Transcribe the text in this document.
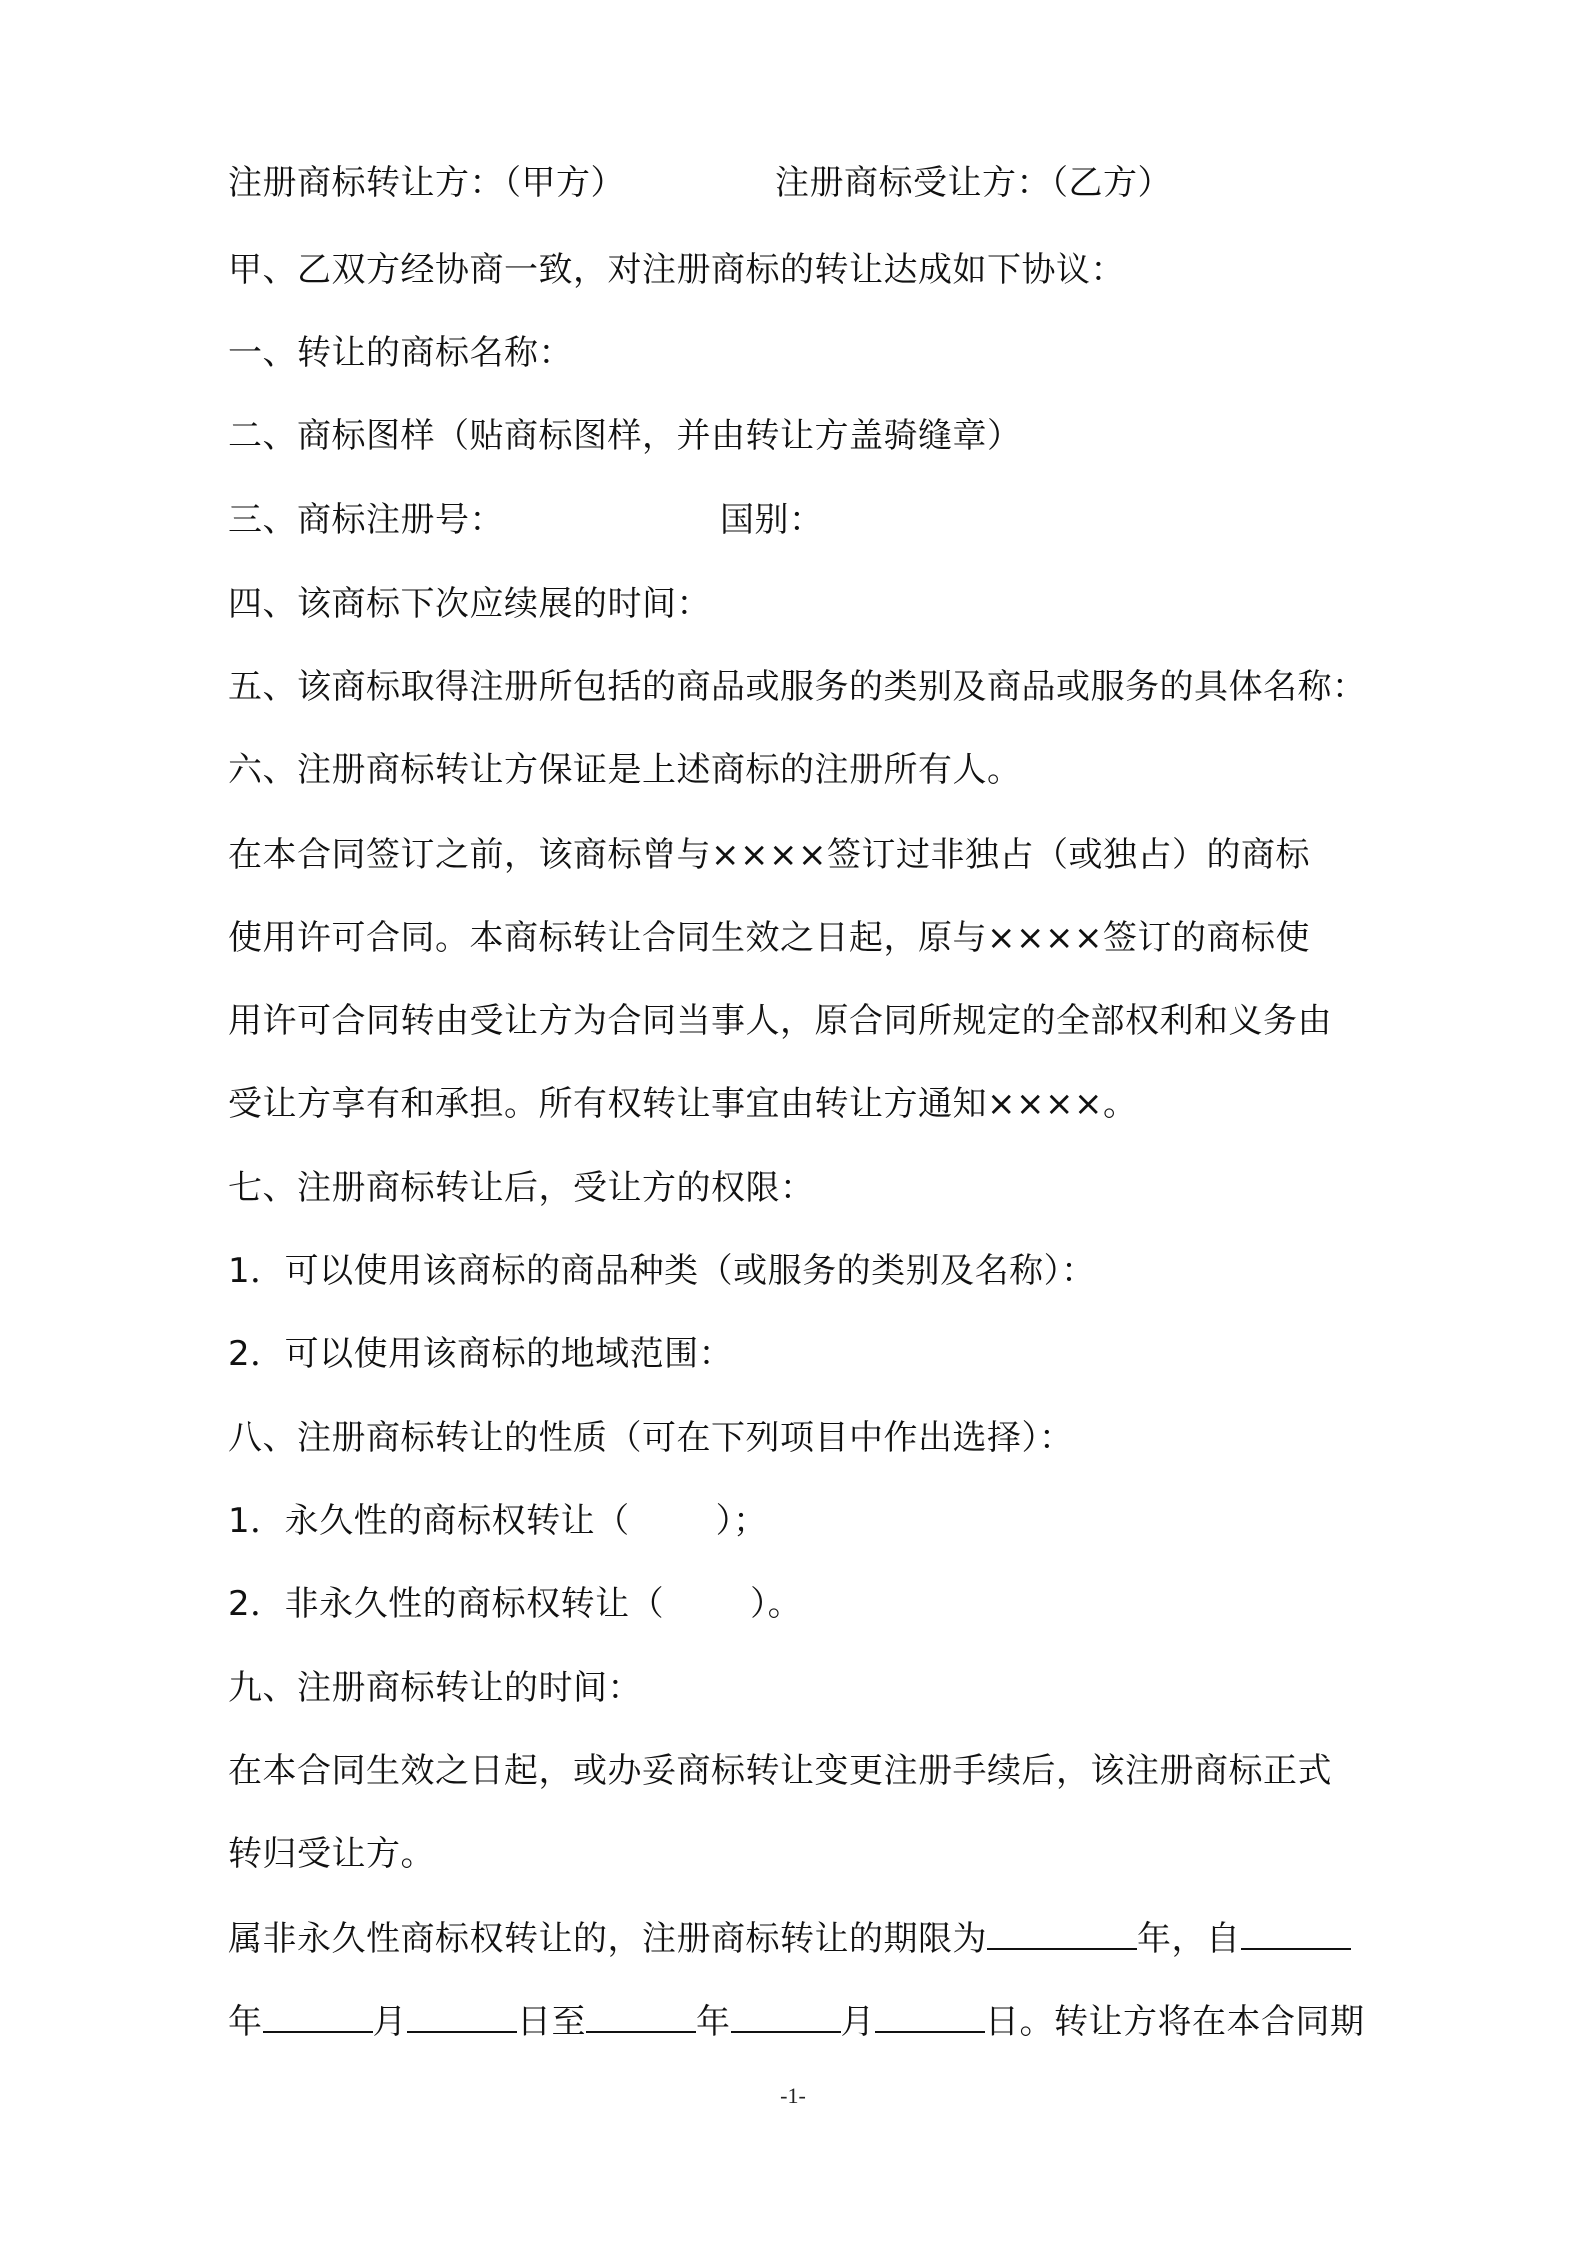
注册商标转让方：（甲方）	注册商标受让方：（乙方）
甲、乙双方经协商一致，对注册商标的转让达成如下协议：
一、转让的商标名称：
二、商标图样（贴商标图样，并由转让方盖骑缝章）
三、商标注册号：	国别：
四、该商标下次应续展的时间：
五、该商标取得注册所包括的商品或服务的类别及商品或服务的具体名称：
六、注册商标转让方保证是上述商标的注册所有人。
在本合同签订之前，该商标曾与××××签订过非独占（或独占）的商标
使用许可合同。本商标转让合同生效之日起，原与××××签订的商标使
用许可合同转由受让方为合同当事人，原合同所规定的全部权利和义务由
受让方享有和承担。所有权转让事宜由转让方通知××××。
七、注册商标转让后，受让方的权限：
1．可以使用该商标的商品种类（或服务的类别及名称）：
2．可以使用该商标的地域范围：
八、注册商标转让的性质（可在下列项目中作出选择）：
1．永久性的商标权转让（	）；
2．非永久性的商标权转让（	）。
九、注册商标转让的时间：
在本合同生效之日起，或办妥商标转让变更注册手续后，该注册商标正式
转归受让方。
属非永久性商标权转让的，注册商标转让的期限为	年，自
年	月	日至	年	月	日。转让方将在本合同期
-1-
